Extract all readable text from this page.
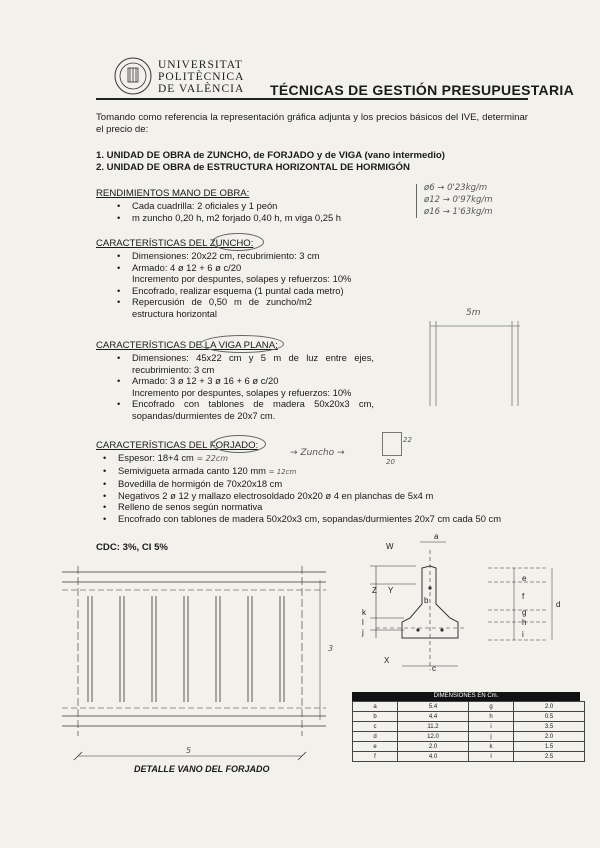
UNIVERSITAT
POLITÈCNICA
DE VALÈNCIA TÉCNICAS DE GESTIÓN PRESUPUESTARIA
Tomando como referencia la representación gráfica adjunta y los precios básicos del IVE, determinar el precio de:
1. UNIDAD DE OBRA de ZUNCHO, de FORJADO y de VIGA (vano intermedio)
2. UNIDAD DE OBRA de ESTRUCTURA HORIZONTAL DE HORMIGÓN
RENDIMIENTOS MANO DE OBRA:
• Cada cuadrilla: 2 oficiales y 1 peón
• m zuncho 0,20 h, m2 forjado 0,40 h, m viga 0,25 h
ø6 → 0'23kg/m
ø12 → 0'97kg/m
ø16 → 1'63kg/m
CARACTERÍSTICAS DEL ZUNCHO:
• Dimensiones: 20x22 cm, recubrimiento: 3 cm
• Armado: 4 ø 12 + 6 ø c/20
Incremento por despuntes, solapes y refuerzos: 10%
• Encofrado, realizar esquema (1 puntal cada metro)
• Repercusión de 0,50 m de zuncho/m2 estructura horizontal	5m
CARACTERÍSTICAS DE LA VIGA PLANA:
• Dimensiones: 45x22 cm y 5 m de luz entre ejes, recubrimiento: 3 cm
• Armado: 3 ø 12 + 3 ø 16 + 6 ø c/20
Incremento por despuntes, solapes y refuerzos: 10%
• Encofrado con tablones de madera 50x20x3 cm, sopandas/durmientes de 20x7 cm.
CARACTERÍSTICAS DEL FORJADO:
• Espesor: 18+4 cm = 22cm
• Semivigueta armada canto 120 mm = 12cm
• Bovedilla de hormigón de 70x20x18 cm
• Negativos 2 ø 12 y mallazo electrosoldado 20x20 ø 4 en planchas de 5x4 m
• Relleno de senos según normativa
• Encofrado con tablones de madera 50x20x3 cm, sopandas/durmientes 20x7 cm cada 50 cm
→ Zuncho →
22
20
CDC: 3%, CI 5%
5
3
DETALLE VANO DEL FORJADO
W
a
Z Y
b
k
l
j
X
c
e
f
d
g
h
i
DIMENSIONES EN Cm.
a	5.4	g	2.0
b	4.4	h	0.5
c	11.2	i	3.5
d	12.0	j	2.0
e	2.0	k	1.5
f	4.0	l	2.5
